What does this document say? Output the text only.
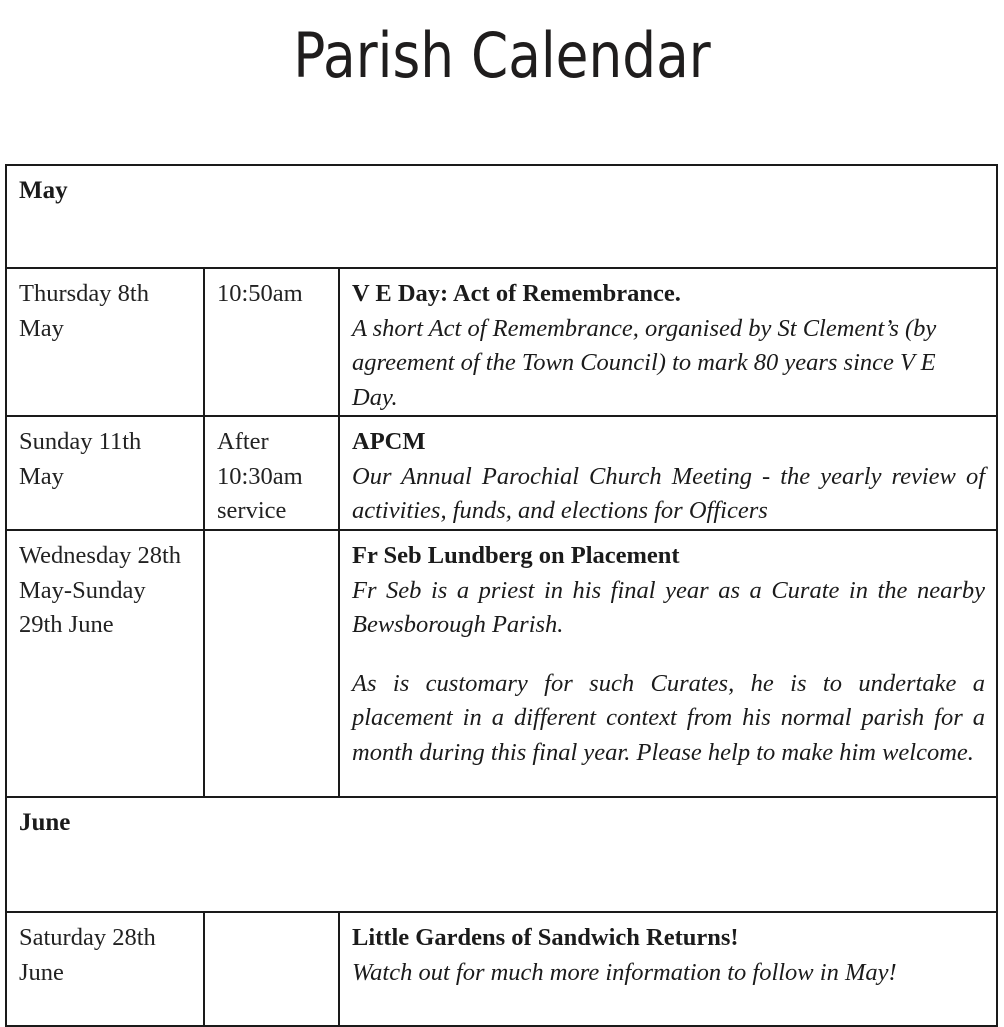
Parish Calendar
May		
Thursday 8th May	10:50am	V E Day: Act of Remembrance.
A short Act of Remembrance, organised by St Clement’s (by agreement of the Town Council) to mark 80 years since V E Day.

Sunday 11th May	After 10:30am service	APCM
Our Annual Parochial Church Meeting - the yearly review of activities, funds, and elections for Officers

Wednesday 28th May-Sunday 29th June		Fr Seb Lundberg on Placement
Fr Seb is a priest in his final year as a Curate in the nearby Bewsborough Parish.
As is customary for such Curates, he is to undertake a placement in a different context from his normal parish for a month during this final year. Please help to make him welcome.

June		
Saturday 28th June		Little Gardens of Sandwich Returns!
Watch out for much more information to follow in May!
